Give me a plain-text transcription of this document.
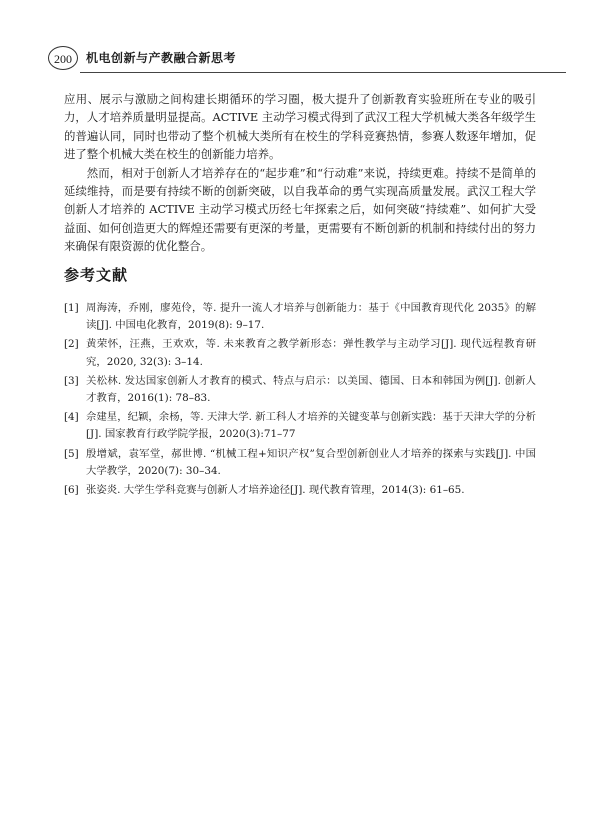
200	机电创新与产教融合新思考

应用、展示与激励之间构建长期循环的学习圈，极大提升了创新教育实验班所在专业的吸引力，人才培养质量明显提高。ACTIVE 主动学习模式得到了武汉工程大学机械大类各年级学生的普遍认同，同时也带动了整个机械大类所有在校生的学科竞赛热情，参赛人数逐年增加，促进了整个机械大类在校生的创新能力培养。

然而，相对于创新人才培养存在的“起步难”和“行动难”来说，持续更难。持续不是简单的延续维持，而是要有持续不断的创新突破，以自我革命的勇气实现高质量发展。武汉工程大学创新人才培养的 ACTIVE 主动学习模式历经七年探索之后，如何突破“持续难”、如何扩大受益面、如何创造更大的辉煌还需要有更深的考量，更需要有不断创新的机制和持续付出的努力来确保有限资源的优化整合。

参考文献
[1] 周海涛，乔刚，廖苑伶，等. 提升一流人才培养与创新能力：基于《中国教育现代化 2035》的解读[J]. 中国电化教育，2019(8): 9–17.
[2] 黄荣怀，汪燕，王欢欢，等. 未来教育之教学新形态：弹性教学与主动学习[J]. 现代远程教育研究，2020, 32(3): 3–14.
[3] 关松林. 发达国家创新人才教育的模式、特点与启示：以美国、德国、日本和韩国为例[J]. 创新人才教育，2016(1): 78–83.
[4] 佘建星，纪颖，余杨，等. 天津大学. 新工科人才培养的关键变革与创新实践：基于天津大学的分析[J]. 国家教育行政学院学报，2020(3):71–77
[5] 殷增斌，袁军堂，郝世博. “机械工程+知识产权”复合型创新创业人才培养的探索与实践[J]. 中国大学教学，2020(7): 30–34.
[6] 张姿炎. 大学生学科竞赛与创新人才培养途径[J]. 现代教育管理，2014(3): 61–65.
